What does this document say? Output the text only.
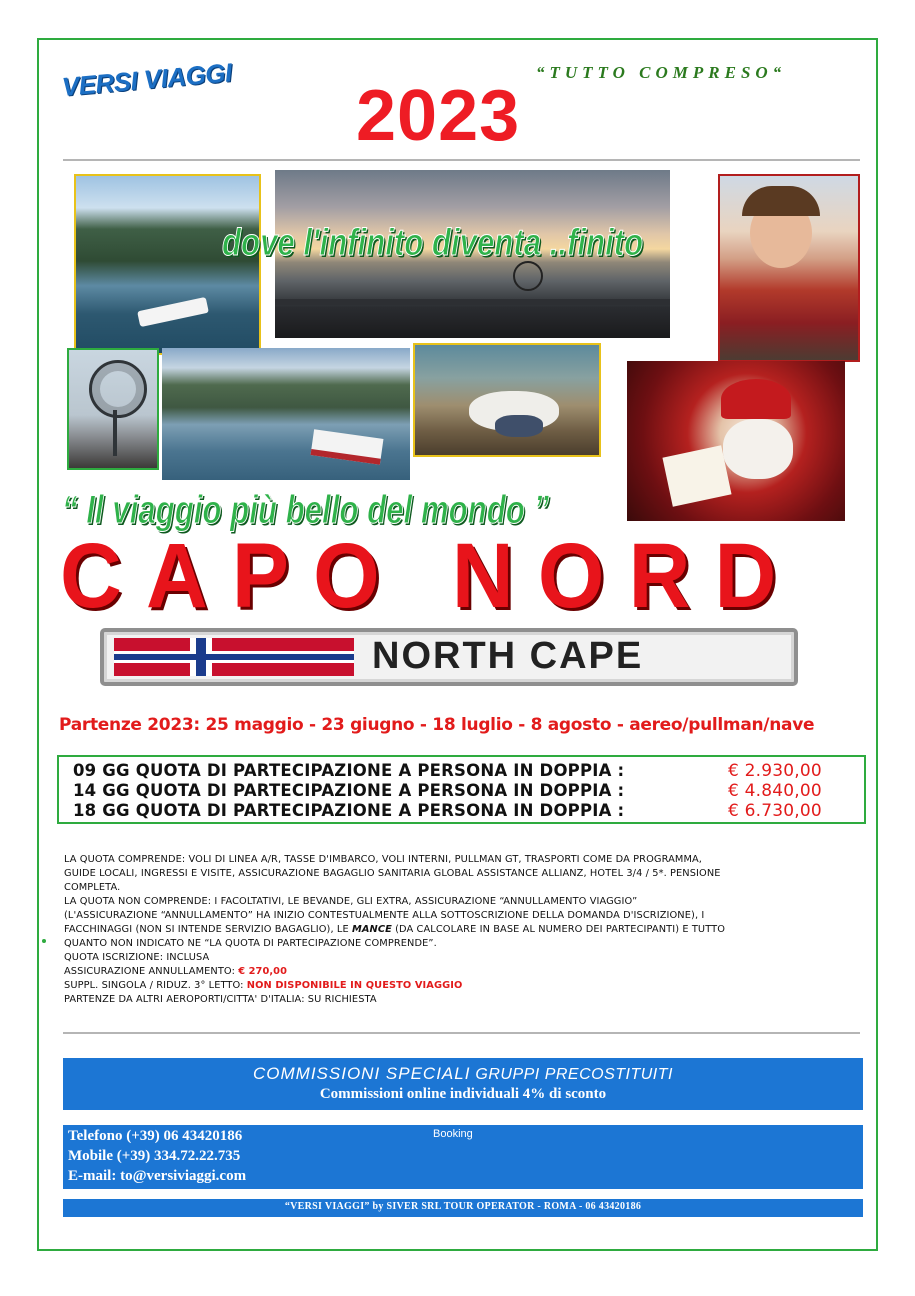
VERSI VIAGGI	“TUTTO COMPRESO“
2023
dove l'infinito diventa ..finito
“ Il viaggio più bello del mondo ”
CAPO NORD
NORTH CAPE
Partenze 2023: 25 maggio - 23 giugno - 18 luglio - 8 agosto - aereo/pullman/nave
09 GG QUOTA DI PARTECIPAZIONE A PERSONA IN DOPPIA :	€ 2.930,00
14 GG QUOTA DI PARTECIPAZIONE A PERSONA IN DOPPIA :	€ 4.840,00
18 GG QUOTA DI PARTECIPAZIONE A PERSONA IN DOPPIA :	€ 6.730,00
LA QUOTA COMPRENDE: VOLI DI LINEA A/R, TASSE D'IMBARCO, VOLI INTERNI, PULLMAN GT, TRASPORTI COME DA PROGRAMMA,
GUIDE LOCALI, INGRESSI E VISITE, ASSICURAZIONE BAGAGLIO SANITARIA GLOBAL ASSISTANCE ALLIANZ, HOTEL 3/4 / 5*. PENSIONE
COMPLETA.
LA QUOTA NON COMPRENDE: I FACOLTATIVI, LE BEVANDE, GLI EXTRA, ASSICURAZIONE “ANNULLAMENTO VIAGGIO”
(L'ASSICURAZIONE “ANNULLAMENTO” HA INIZIO CONTESTUALMENTE ALLA SOTTOSCRIZIONE DELLA DOMANDA D'ISCRIZIONE), I
FACCHINAGGI (NON SI INTENDE SERVIZIO BAGAGLIO), LE MANCE (DA CALCOLARE IN BASE AL NUMERO DEI PARTECIPANTI) E TUTTO
QUANTO NON INDICATO NE “LA QUOTA DI PARTECIPAZIONE COMPRENDE”.
QUOTA ISCRIZIONE: INCLUSA
ASSICURAZIONE ANNULLAMENTO: € 270,00
SUPPL. SINGOLA / RIDUZ. 3° LETTO: NON DISPONIBILE IN QUESTO VIAGGIO
PARTENZE DA ALTRI AEROPORTI/CITTA' D'ITALIA: SU RICHIESTA
COMMISSIONI SPECIALI GRUPPI PRECOSTITUITI
Commissioni online individuali 4% di sconto
Telefono (+39) 06 43420186
Mobile (+39) 334.72.22.735
E-mail: to@versiviaggi.com
Booking
“VERSI VIAGGI” by SIVER SRL TOUR OPERATOR - ROMA - 06 43420186
